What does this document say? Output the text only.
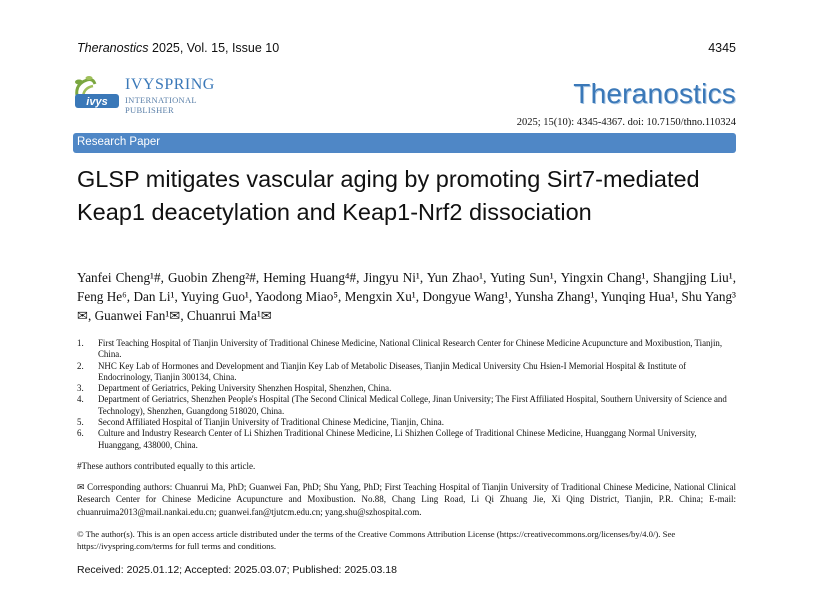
Theranostics 2025, Vol. 15, Issue 10	4345
ivys
IVYSPRING
INTERNATIONAL PUBLISHER
Theranostics
2025; 15(10): 4345-4367. doi: 10.7150/thno.110324
Research Paper
GLSP mitigates vascular aging by promoting Sirt7-mediated Keap1 deacetylation and Keap1-Nrf2 dissociation
Yanfei Cheng¹#, Guobin Zheng²#, Heming Huang⁴#, Jingyu Ni¹, Yun Zhao¹, Yuting Sun¹, Yingxin Chang¹, Shangjing Liu¹, Feng He⁶, Dan Li¹, Yuying Guo¹, Yaodong Miao⁵, Mengxin Xu¹, Dongyue Wang¹, Yunsha Zhang¹, Yunqing Hua¹, Shu Yang³✉, Guanwei Fan¹✉, Chuanrui Ma¹✉
1. First Teaching Hospital of Tianjin University of Traditional Chinese Medicine, National Clinical Research Center for Chinese Medicine Acupuncture and Moxibustion, Tianjin, China.
2. NHC Key Lab of Hormones and Development and Tianjin Key Lab of Metabolic Diseases, Tianjin Medical University Chu Hsien-I Memorial Hospital & Institute of Endocrinology, Tianjin 300134, China.
3. Department of Geriatrics, Peking University Shenzhen Hospital, Shenzhen, China.
4. Department of Geriatrics, Shenzhen People's Hospital (The Second Clinical Medical College, Jinan University; The First Affiliated Hospital, Southern University of Science and Technology), Shenzhen, Guangdong 518020, China.
5. Second Affiliated Hospital of Tianjin University of Traditional Chinese Medicine, Tianjin, China.
6. Culture and Industry Research Center of Li Shizhen Traditional Chinese Medicine, Li Shizhen College of Traditional Chinese Medicine, Huanggang Normal University, Huanggang, 438000, China.
#These authors contributed equally to this article.
✉ Corresponding authors: Chuanrui Ma, PhD; Guanwei Fan, PhD; Shu Yang, PhD; First Teaching Hospital of Tianjin University of Traditional Chinese Medicine, National Clinical Research Center for Chinese Medicine Acupuncture and Moxibustion. No.88, Chang Ling Road, Li Qi Zhuang Jie, Xi Qing District, Tianjin, P.R. China; E-mail: chuanruima2013@mail.nankai.edu.cn; guanwei.fan@tjutcm.edu.cn; yang.shu@szhospital.com.
© The author(s). This is an open access article distributed under the terms of the Creative Commons Attribution License (https://creativecommons.org/licenses/by/4.0/). See https://ivyspring.com/terms for full terms and conditions.
Received: 2025.01.12; Accepted: 2025.03.07; Published: 2025.03.18
